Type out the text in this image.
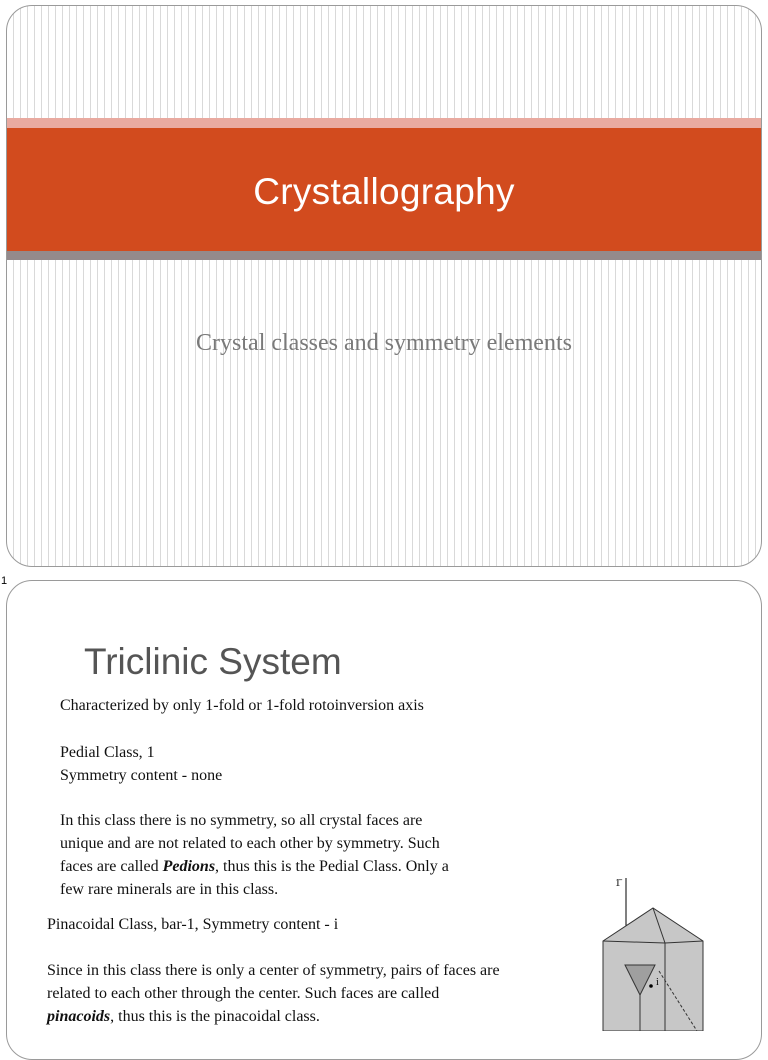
Crystallography
Crystal classes and symmetry elements
1
Triclinic System

Characterized by only 1-fold or 1-fold rotoinversion axis

Pedial Class, 1

Symmetry content - none

In this class there is no symmetry, so all crystal faces are

unique and are not related to each other by symmetry. Such

faces are called Pedions, thus this is the Pedial Class. Only a

few rare minerals are in this class.

Pinacoidal Class, bar-1, Symmetry content - i

Since in this class there is only a center of symmetry, pairs of faces are

related to each other through the center. Such faces are called

pinacoids, thus this is the pinacoidal class.

1̄
i
